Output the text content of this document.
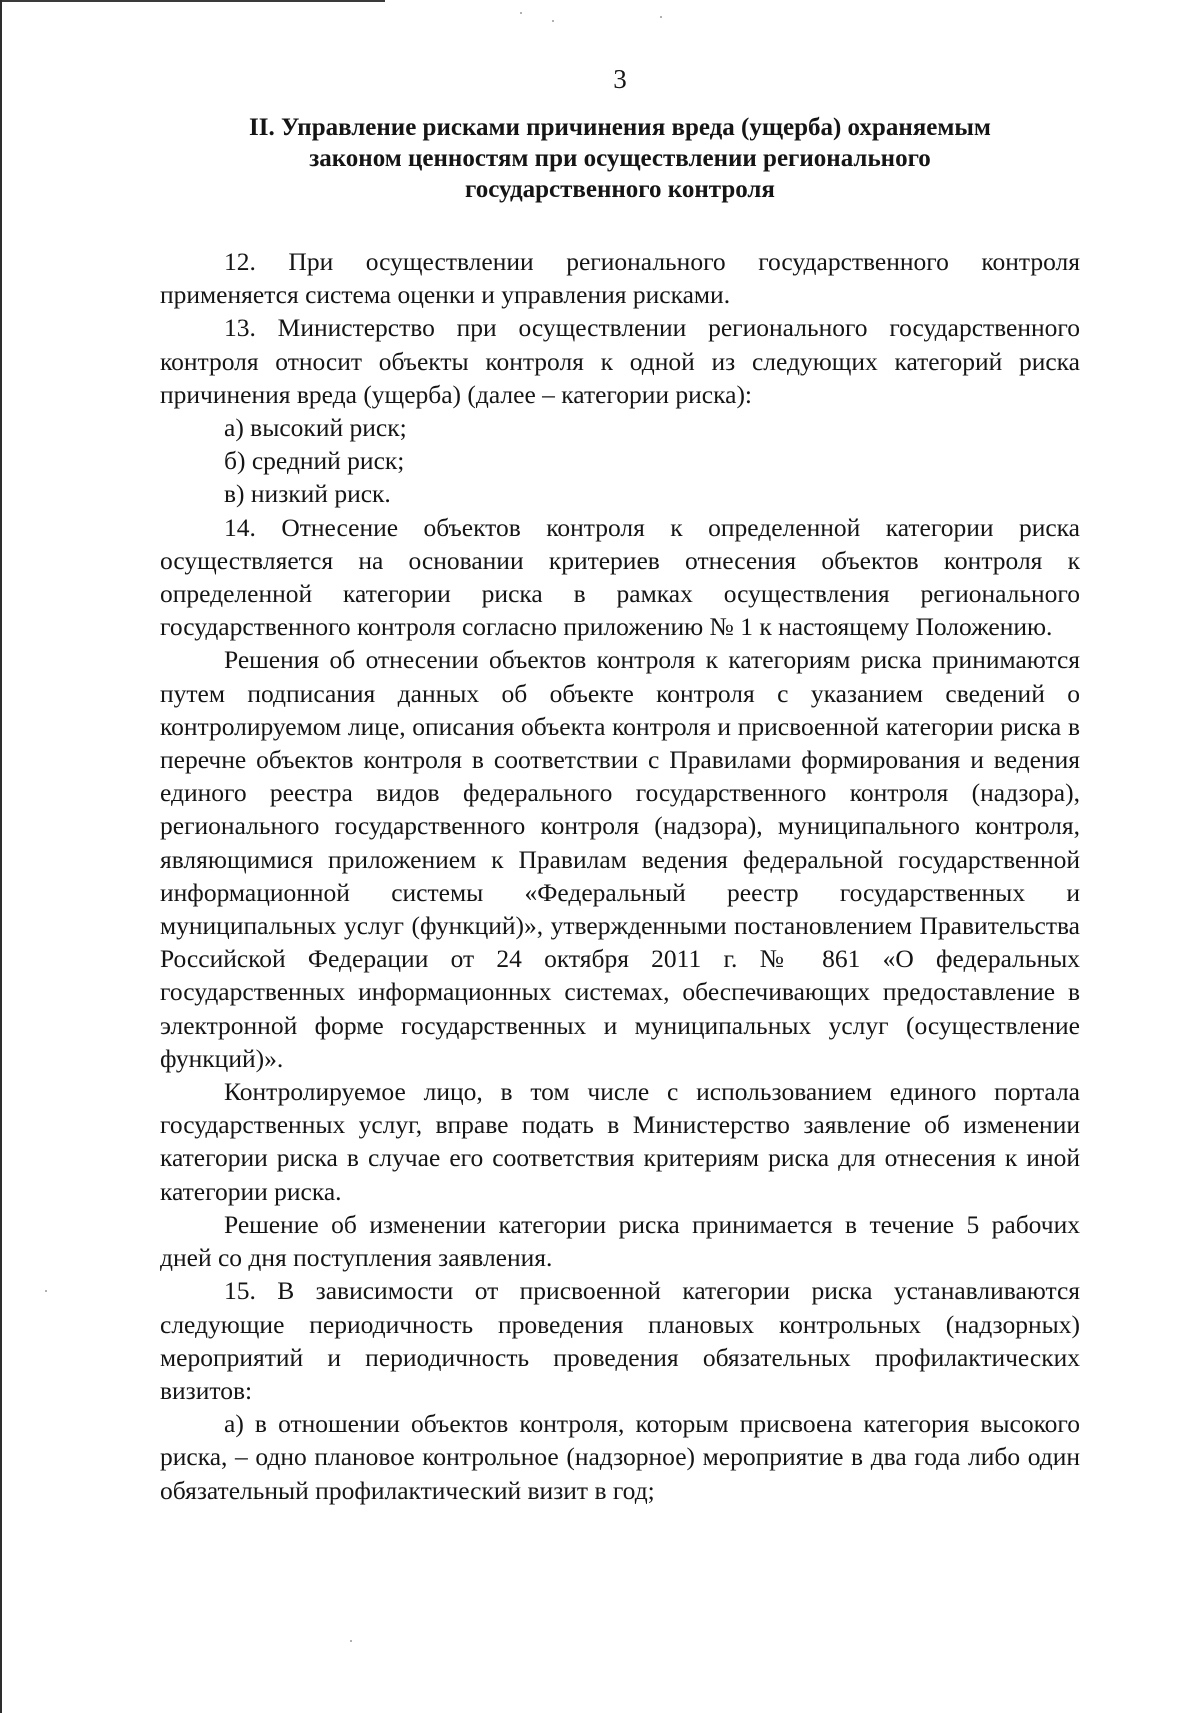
3
II. Управление рисками причинения вреда (ущерба) охраняемым
законом ценностям при осуществлении регионального
государственного контроля

12. При осуществлении регионального государственного контроля применяется система оценки и управления рисками.

13. Министерство при осуществлении регионального государственного контроля относит объекты контроля к одной из следующих категорий риска причинения вреда (ущерба) (далее – категории риска):

а) высокий риск;

б) средний риск;

в) низкий риск.

14. Отнесение объектов контроля к определенной категории риска осуществляется на основании критериев отнесения объектов контроля к определенной категории риска в рамках осуществления регионального государственного контроля согласно приложению № 1 к настоящему Положению.

Решения об отнесении объектов контроля к категориям риска принимаются путем подписания данных об объекте контроля с указанием сведений о контролируемом лице, описания объекта контроля и присвоенной категории риска в перечне объектов контроля в соответствии с Правилами формирования и ведения единого реестра видов федерального государственного контроля (надзора), регионального государственного контроля (надзора), муниципального контроля, являющимися приложением к Правилам ведения федеральной государственной информационной системы «Федеральный реестр государственных и муниципальных услуг (функций)», утвержденными постановлением Правительства Российской Федерации от 24 октября 2011 г. № 861 «О федеральных государственных информационных системах, обеспечивающих предоставление в электронной форме государственных и муниципальных услуг (осуществление функций)».

Контролируемое лицо, в том числе с использованием единого портала государственных услуг, вправе подать в Министерство заявление об изменении категории риска в случае его соответствия критериям риска для отнесения к иной категории риска.

Решение об изменении категории риска принимается в течение 5 рабочих дней со дня поступления заявления.

15. В зависимости от присвоенной категории риска устанавливаются следующие периодичность проведения плановых контрольных (надзорных) мероприятий и периодичность проведения обязательных профилактических визитов:

а) в отношении объектов контроля, которым присвоена категория высокого риска, – одно плановое контрольное (надзорное) мероприятие в два года либо один обязательный профилактический визит в год;
